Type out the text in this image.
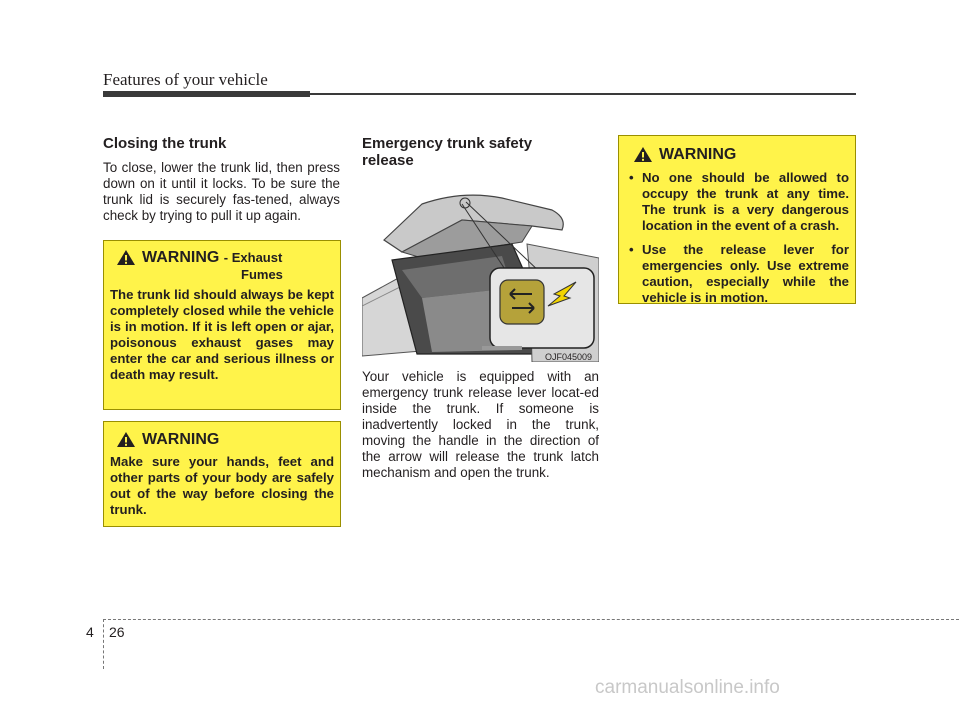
Features of your vehicle
Closing the trunk

To close, lower the trunk lid, then press down on it until it locks. To be sure the trunk lid is securely fas-tened, always check by trying to pull it up again.

WARNING - Exhaust
Fumes

The trunk lid should always be kept completely closed while the vehicle is in motion. If it is left open or ajar, poisonous exhaust gases may enter the car and serious illness or death may result.

WARNING

Make sure your hands, feet and other parts of your body are safely out of the way before closing the trunk.

Emergency trunk safety
release
OJF045009

Your vehicle is equipped with an emergency trunk release lever locat-ed inside the trunk. If someone is inadvertently locked in the trunk, moving the handle in the direction of the arrow will release the trunk latch mechanism and open the trunk.

WARNING
• No one should be allowed to occupy the trunk at any time. The trunk is a very dangerous location in the event of a crash.
• Use the release lever for emergencies only. Use extreme caution, especially while the vehicle is in motion.
4 26
carmanualsonline.info
